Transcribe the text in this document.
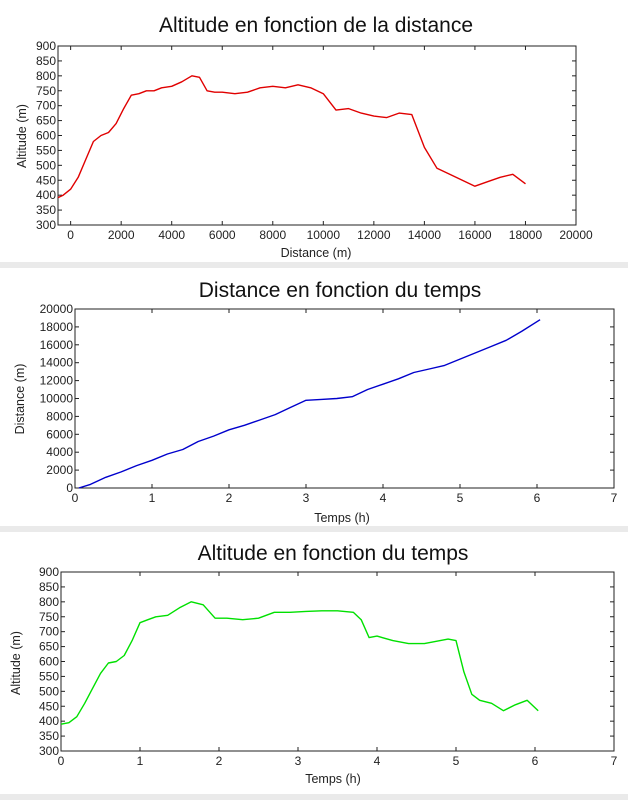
Altitude en fonction de la distance
Distance (m)
Altitude (m)
0	2000 4000 6000 8000 10000 12000 14000 16000 18000 20000
300
350
400
450
500
550
600
650
700
750
800
850
900
Distance en fonction du temps
Temps (h)
Distance (m)
0	1	2	3	4	5	6	7
0
2000
4000
6000
8000
10000
12000
14000
16000
18000
20000
Altitude en fonction du temps
Temps (h)
Altitude (m)
0	1	2	3	4	5	6	7
300
350
400
450
500
550
600
650
700
750
800
850
900
